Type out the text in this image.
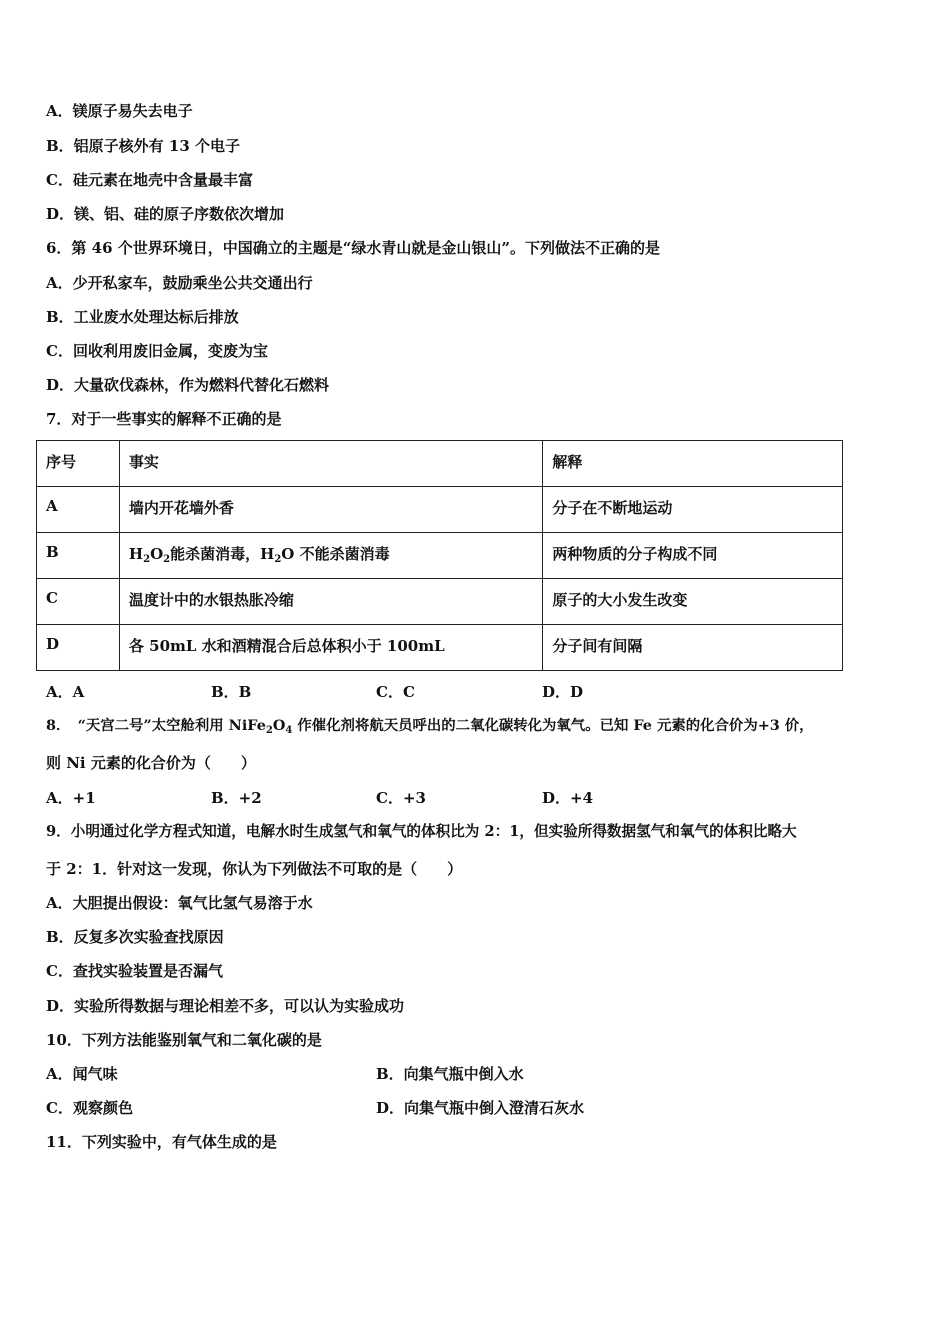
A．镁原子易失去电子
B．铝原子核外有 13 个电子
C．硅元素在地壳中含量最丰富
D．镁、铝、硅的原子序数依次增加
6．第 46 个世界环境日，中国确立的主题是“绿水青山就是金山银山”。下列做法不正确的是
A．少开私家车，鼓励乘坐公共交通出行
B．工业废水处理达标后排放
C．回收利用废旧金属，变废为宝
D．大量砍伐森林，作为燃料代替化石燃料
7．对于一些事实的解释不正确的是
序号	事实	解释
A	墙内开花墙外香	分子在不断地运动
B	$H_2O_2$能杀菌消毒，$H_2O$ 不能杀菌消毒	两种物质的分子构成不同
C	温度计中的水银热胀冷缩	原子的大小发生改变
D	各 50mL 水和酒精混合后总体积小于 100mL	分子间有间隔
A．A	B．B	C．C	D．D
8．　“天宫二号”太空舱利用 $NiFe_2O_4$ 作催化剂将航天员呼出的二氧化碳转化为氧气。已知 Fe 元素的化合价为+3 价，
则 Ni 元素的化合价为（　　）
A．+1	B．+2	C．+3	D．+4
9．小明通过化学方程式知道，电解水时生成氢气和氧气的体积比为 2：1，但实验所得数据氢气和氧气的体积比略大
于 2：1．针对这一发现，你认为下列做法不可取的是（　　）
A．大胆提出假设：氧气比氢气易溶于水
B．反复多次实验查找原因
C．查找实验装置是否漏气
D．实验所得数据与理论相差不多，可以认为实验成功
10．下列方法能鉴别氧气和二氧化碳的是
A．闻气味	B．向集气瓶中倒入水
C．观察颜色	D．向集气瓶中倒入澄清石灰水
11．下列实验中，有气体生成的是
